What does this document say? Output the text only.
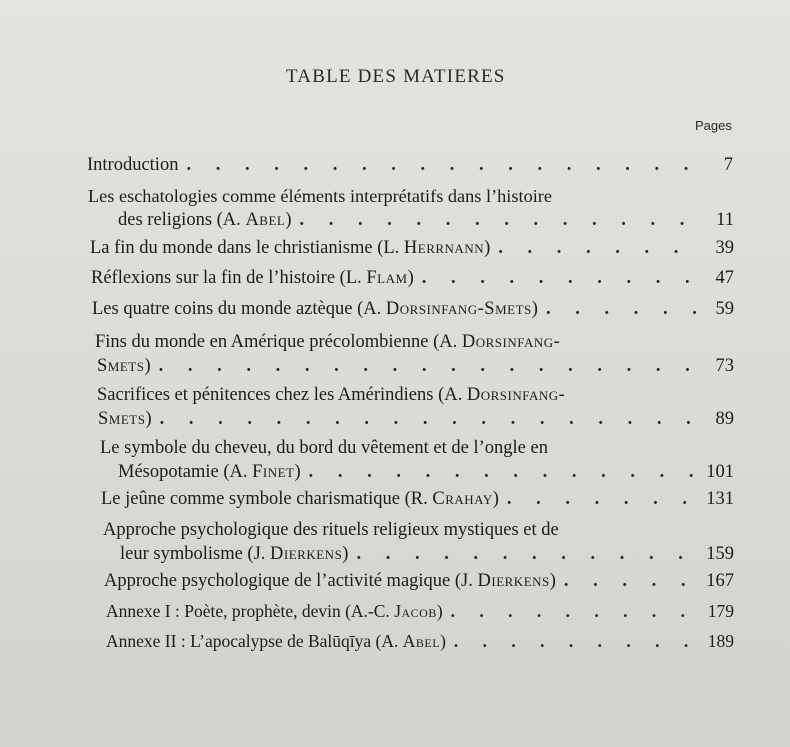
TABLE DES MATIERES
Pages
Introduction . . .	7
Les eschatologies comme éléments interprétatifs dans l’histoire
des religions (A. Abel) . . .	11
La fin du monde dans le christianisme (L. Herrnann) . . .	39
Réflexions sur la fin de l’histoire (L. Flam) . . .	47
Les quatre coins du monde aztèque (A. Dorsinfang-Smets) . . .	59
Fins du monde en Amérique précolombienne (A. Dorsinfang-
Smets) . . .	73
Sacrifices et pénitences chez les Amérindiens (A. Dorsinfang-
Smets) . . .	89
Le symbole du cheveu, du bord du vêtement et de l’ongle en
Mésopotamie (A. Finet) . . .	101
Le jeûne comme symbole charismatique (R. Crahay) . . .	131
Approche psychologique des rituels religieux mystiques et de
leur symbolisme (J. Dierkens) . . .	159
Approche psychologique de l’activité magique (J. Dierkens) . . .	167
Annexe I : Poète, prophète, devin (A.-C. Jacob) . . .	179
Annexe II : L’apocalypse de Balūqīya (A. Abel) . . .	189
